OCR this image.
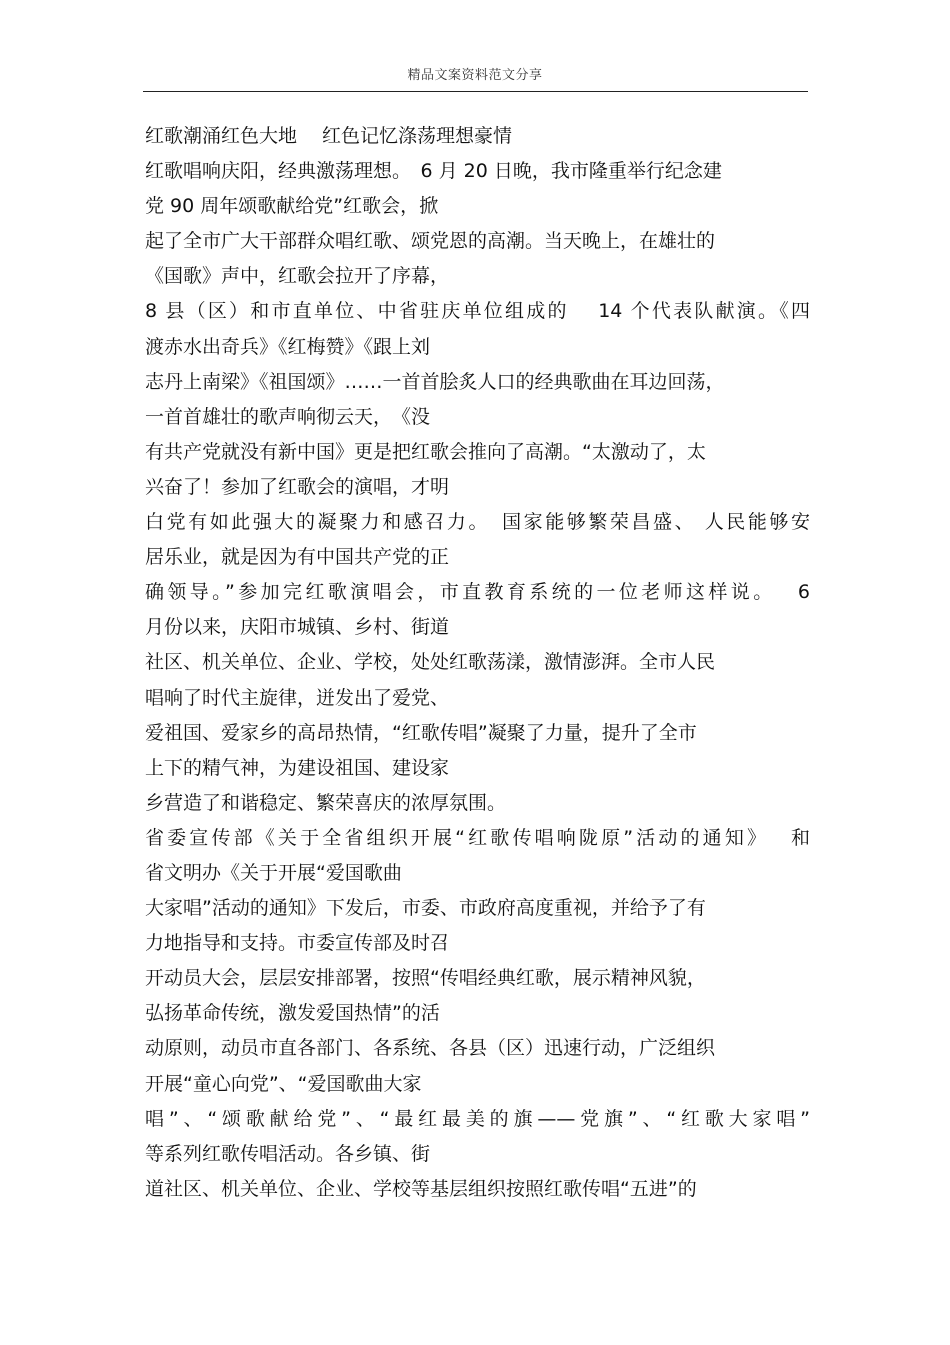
精品文案资料范文分享
红歌潮涌红色大地　 红色记忆涤荡理想豪情
红歌唱响庆阳，经典激荡理想。　6 月 20 日晚，我市隆重举行纪念建
党 90 周年颂歌献给党”红歌会，掀
起了全市广大干部群众唱红歌、颂党恩的高潮。当天晚上，在雄壮的
《国歌》声中，红歌会拉开了序幕，
8 县（区）和市直单位、中省驻庆单位组成的　 14 个代表队献演。《四
渡赤水出奇兵》《红梅赞》《跟上刘
志丹上南梁》《祖国颂》……一首首脍炙人口的经典歌曲在耳边回荡，
一首首雄壮的歌声响彻云天，　《没
有共产党就没有新中国》更是把红歌会推向了高潮。“太激动了，太
兴奋了！参加了红歌会的演唱，才明
白党有如此强大的凝聚力和感召力。　国家能够繁荣昌盛、 人民能够安
居乐业，就是因为有中国共产党的正
确领导。”参加完红歌演唱会，市直教育系统的一位老师这样说。　 6
月份以来，庆阳市城镇、乡村、街道
社区、机关单位、企业、学校，处处红歌荡漾，激情澎湃。全市人民
唱响了时代主旋律，迸发出了爱党、
爱祖国、爱家乡的高昂热情，“红歌传唱”凝聚了力量，提升了全市
上下的精气神，为建设祖国、建设家
乡营造了和谐稳定、繁荣喜庆的浓厚氛围。
省委宣传部《关于全省组织开展“红歌传唱响陇原”活动的通知》　 和
省文明办《关于开展“爱国歌曲
大家唱”活动的通知》下发后，市委、市政府高度重视，并给予了有
力地指导和支持。市委宣传部及时召
开动员大会，层层安排部署，按照“传唱经典红歌，展示精神风貌，
弘扬革命传统，激发爱国热情”的活
动原则，动员市直各部门、各系统、各县（区）迅速行动，广泛组织
开展“童心向党”、“爱国歌曲大家
唱”、“颂歌献给党”、“最红最美的旗——党旗”、“红歌大家唱”
等系列红歌传唱活动。各乡镇、街
道社区、机关单位、企业、学校等基层组织按照红歌传唱“五进”的
